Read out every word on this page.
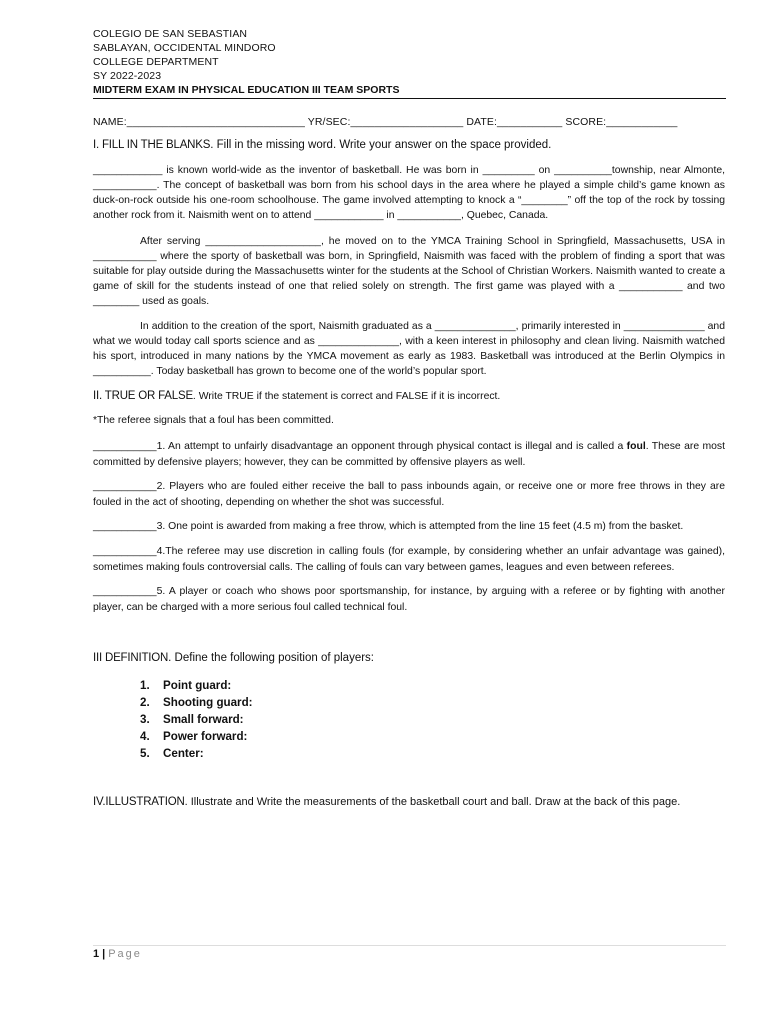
COLEGIO DE SAN SEBASTIAN
SABLAYAN, OCCIDENTAL MINDORO
COLLEGE DEPARTMENT
SY 2022-2023
MIDTERM EXAM IN PHYSICAL EDUCATION III TEAM SPORTS
NAME:______________________________ YR/SEC:___________________ DATE:___________ SCORE:____________
I. FILL IN THE BLANKS. Fill in the missing word. Write your answer on the space provided.
____________ is known world-wide as the inventor of basketball. He was born in _________ on __________township, near Almonte, ___________. The concept of basketball was born from his school days in the area where he played a simple child’s game known as duck-on-rock outside his one-room schoolhouse. The game involved attempting to knock a “________” off the top of the rock by tossing another rock from it. Naismith went on to attend ____________ in ___________, Quebec, Canada.
After serving ____________________, he moved on to the YMCA Training School in Springfield, Massachusetts, USA in ___________ where the sporty of basketball was born, in Springfield, Naismith was faced with the problem of finding a sport that was suitable for play outside during the Massachusetts winter for the students at the School of Christian Workers. Naismith wanted to create a game of skill for the students instead of one that relied solely on strength. The first game was played with a ___________ and two ________ used as goals.
In addition to the creation of the sport, Naismith graduated as a ______________, primarily interested in ______________ and what we would today call sports science and as ______________, with a keen interest in philosophy and clean living. Naismith watched his sport, introduced in many nations by the YMCA movement as early as 1983. Basketball was introduced at the Berlin Olympics in __________. Today basketball has grown to become one of the world’s popular sport.
II. TRUE OR FALSE. Write TRUE if the statement is correct and FALSE if it is incorrect.
*The referee signals that a foul has been committed.
___________1. An attempt to unfairly disadvantage an opponent through physical contact is illegal and is called a foul. These are most committed by defensive players; however, they can be committed by offensive players as well.
___________2. Players who are fouled either receive the ball to pass inbounds again, or receive one or more free throws in they are fouled in the act of shooting, depending on whether the shot was successful.
___________3. One point is awarded from making a free throw, which is attempted from the line 15 feet (4.5 m) from the basket.
___________4.The referee may use discretion in calling fouls (for example, by considering whether an unfair advantage was gained), sometimes making fouls controversial calls. The calling of fouls can vary between games, leagues and even between referees.
___________5. A player or coach who shows poor sportsmanship, for instance, by arguing with a referee or by fighting with another player, can be charged with a more serious foul called technical foul.
III DEFINITION. Define the following position of players:
1. Point guard:
2. Shooting guard:
3. Small forward:
4. Power forward:
5. Center:
IV.ILLUSTRATION. Illustrate and Write the measurements of the basketball court and ball. Draw at the back of this page.
1 | Page
